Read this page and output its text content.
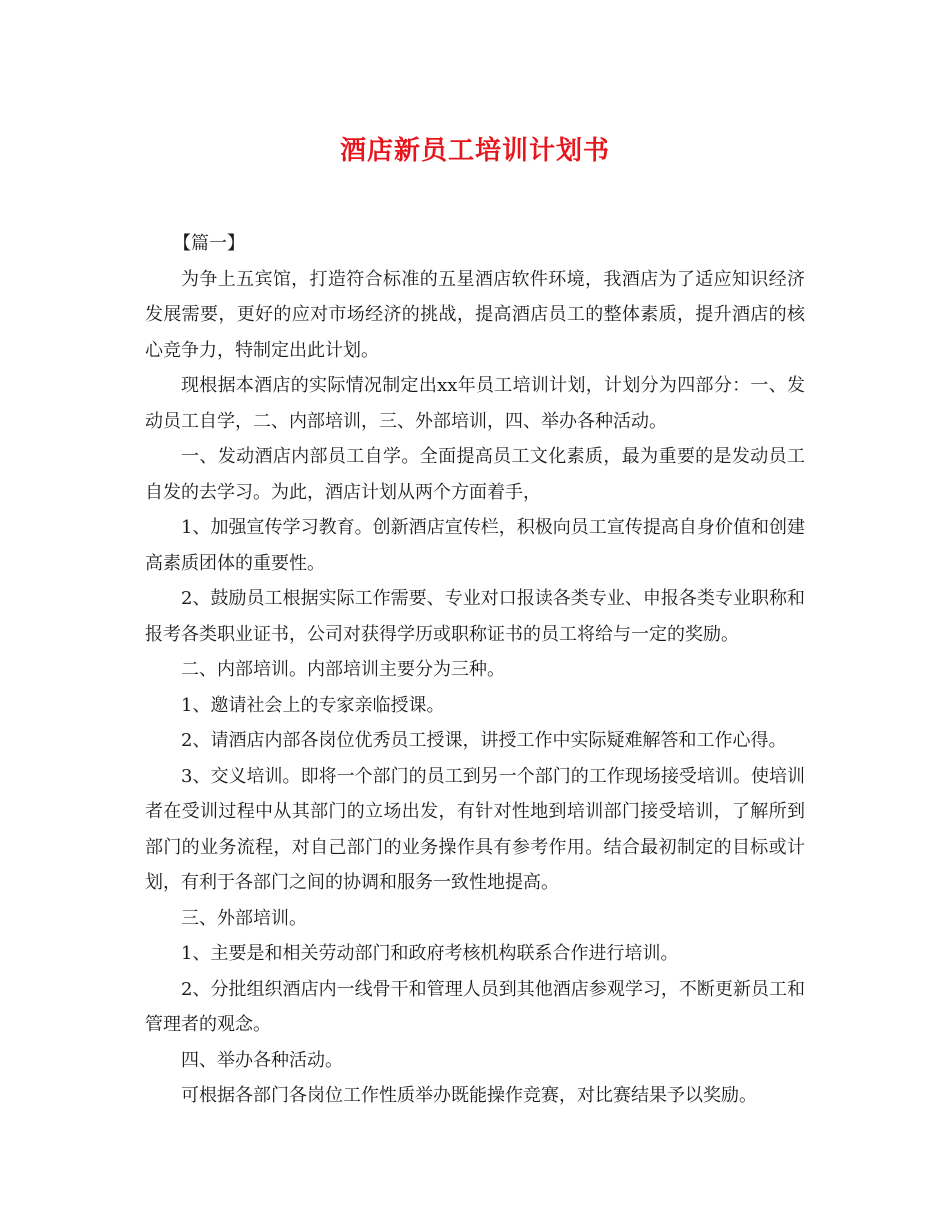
酒店新员工培训计划书

【篇一】

为争上五宾馆，打造符合标准的五星酒店软件环境，我酒店为了适应知识经济发展需要，更好的应对市场经济的挑战，提高酒店员工的整体素质，提升酒店的核心竞争力，特制定出此计划。

现根据本酒店的实际情况制定出xx年员工培训计划，计划分为四部分：一、发动员工自学，二、内部培训，三、外部培训，四、举办各种活动。

一、发动酒店内部员工自学。全面提高员工文化素质，最为重要的是发动员工自发的去学习。为此，酒店计划从两个方面着手，

1、加强宣传学习教育。创新酒店宣传栏，积极向员工宣传提高自身价值和创建高素质团体的重要性。

2、鼓励员工根据实际工作需要、专业对口报读各类专业、申报各类专业职称和报考各类职业证书，公司对获得学历或职称证书的员工将给与一定的奖励。

二、内部培训。内部培训主要分为三种。

1、邀请社会上的专家亲临授课。

2、请酒店内部各岗位优秀员工授课，讲授工作中实际疑难解答和工作心得。

3、交义培训。即将一个部门的员工到另一个部门的工作现场接受培训。使培训者在受训过程中从其部门的立场出发，有针对性地到培训部门接受培训，了解所到部门的业务流程，对自己部门的业务操作具有参考作用。结合最初制定的目标或计划，有利于各部门之间的协调和服务一致性地提高。

三、外部培训。

1、主要是和相关劳动部门和政府考核机构联系合作进行培训。

2、分批组织酒店内一线骨干和管理人员到其他酒店参观学习，不断更新员工和管理者的观念。

四、举办各种活动。

可根据各部门各岗位工作性质举办既能操作竞赛，对比赛结果予以奖励。
